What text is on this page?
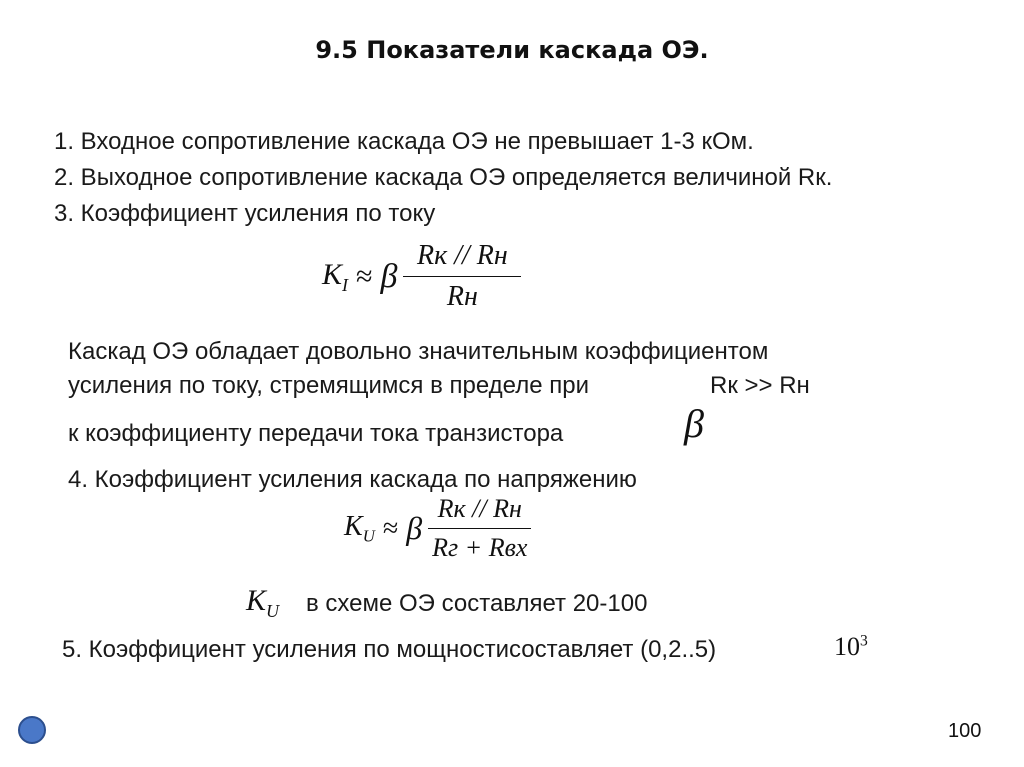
9.5 Показатели каскада ОЭ.
1. Входное сопротивление каскада ОЭ не превышает 1-3 кОм.
2. Выходное сопротивление каскада ОЭ определяется величиной Rк.
3. Коэффициент усиления по току
$K_I \approx \beta \frac{Rк // Rн}{Rн}$
Каскад ОЭ обладает довольно значительным коэффициентом
усиления по току, стремящимся в пределе при	Rк >> Rн
к коэффициенту передачи тока транзистора	β
4. Коэффициент усиления каскада по напряжению
$K_U \approx \beta \frac{Rк // Rн}{\text{Rг + Rвх}}$
$K_U$ в схеме ОЭ составляет 20-100
5. Коэффициент усиления по мощностисоставляет (0,2..5)	$10^3$
100
